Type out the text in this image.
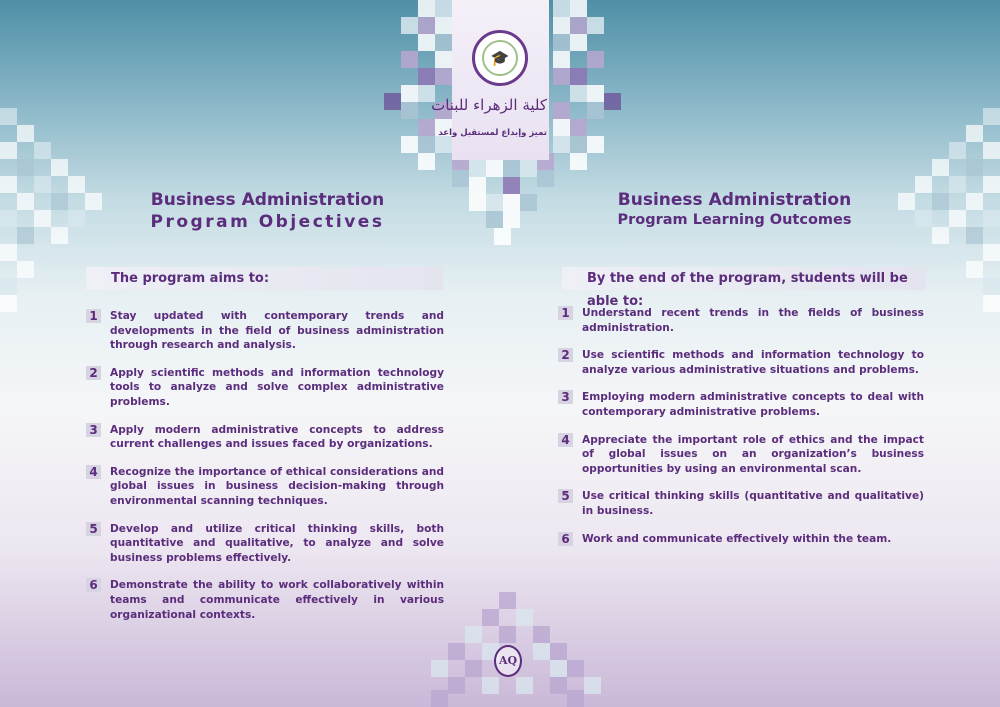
🎓
كلية الزهراء للبنات
تميز وإبداع لمستقبل واعد
Business Administration
Program Objectives
The program aims to:
1	Stay updated with contemporary trends and developments in the field of business administration through research and analysis.
2	Apply scientific methods and information technology tools to analyze and solve complex administrative problems.
3	Apply modern administrative concepts to address current challenges and issues faced by organizations.
4	Recognize the importance of ethical considerations and global issues in business decision-making through environmental scanning techniques.
5	Develop and utilize critical thinking skills, both quantitative and qualitative, to analyze and solve business problems effectively.
6	Demonstrate the ability to work collaboratively within teams and communicate effectively in various organizational contexts.
Business Administration
Program Learning Outcomes
By the end of the program, students will be able to:
1	Understand recent trends in the fields of business administration.
2	Use scientific methods and information technology to analyze various administrative situations and problems.
3	Employing modern administrative concepts to deal with contemporary administrative problems.
4	Appreciate the important role of ethics and the impact of global issues on an organization’s business opportunities by using an environmental scan.
5	Use critical thinking skills (quantitative and qualitative) in business.
6	Work and communicate effectively within the team.
AQ
